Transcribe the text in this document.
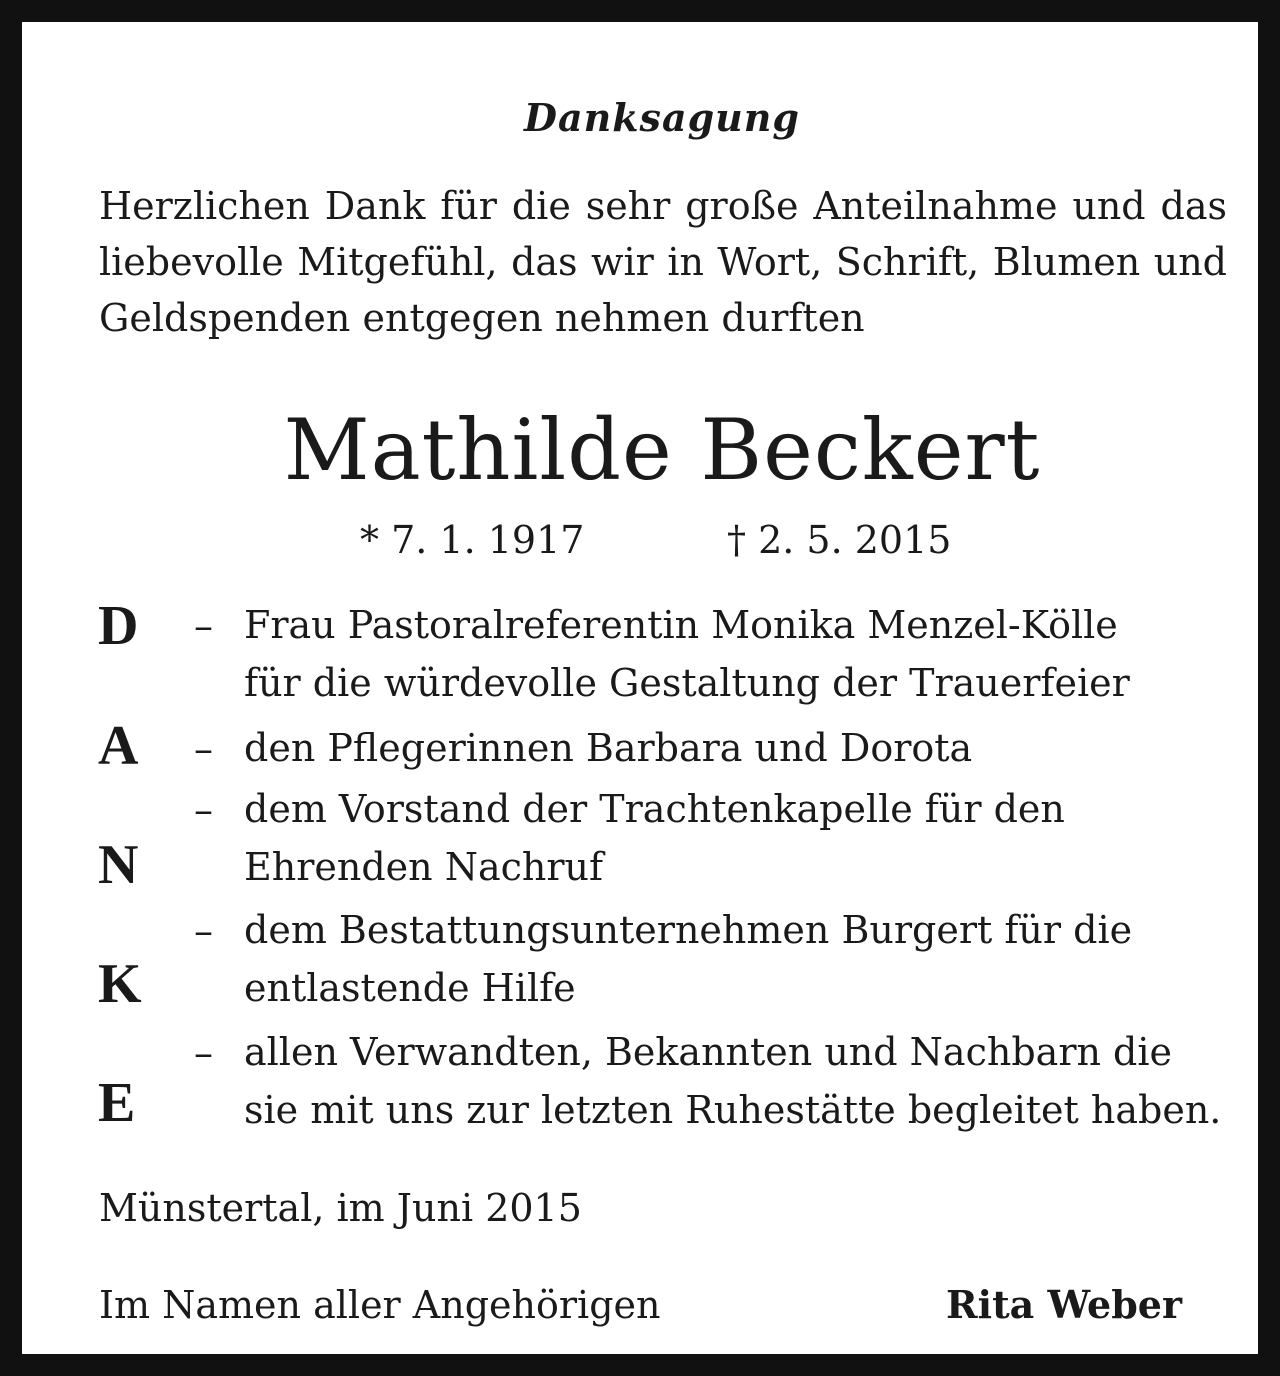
Danksagung
Herzlichen Dank für die sehr große Anteilnahme und das liebevolle Mitgefühl, das wir in Wort, Schrift, Blumen und Geldspenden entgegen nehmen durften
Mathilde Beckert
* 7. 1. 1917	† 2. 5. 2015
D
A
N
K
E
– Frau Pastoralreferentin Monika Menzel-Kölle
für die würdevolle Gestaltung der Trauerfeier
– den Pflegerinnen Barbara und Dorota
– dem Vorstand der Trachtenkapelle für den
Ehrenden Nachruf
– dem Bestattungsunternehmen Burgert für die
entlastende Hilfe
– allen Verwandten, Bekannten und Nachbarn die
sie mit uns zur letzten Ruhestätte begleitet haben.
Münstertal, im Juni 2015
Im Namen aller Angehörigen	Rita Weber
